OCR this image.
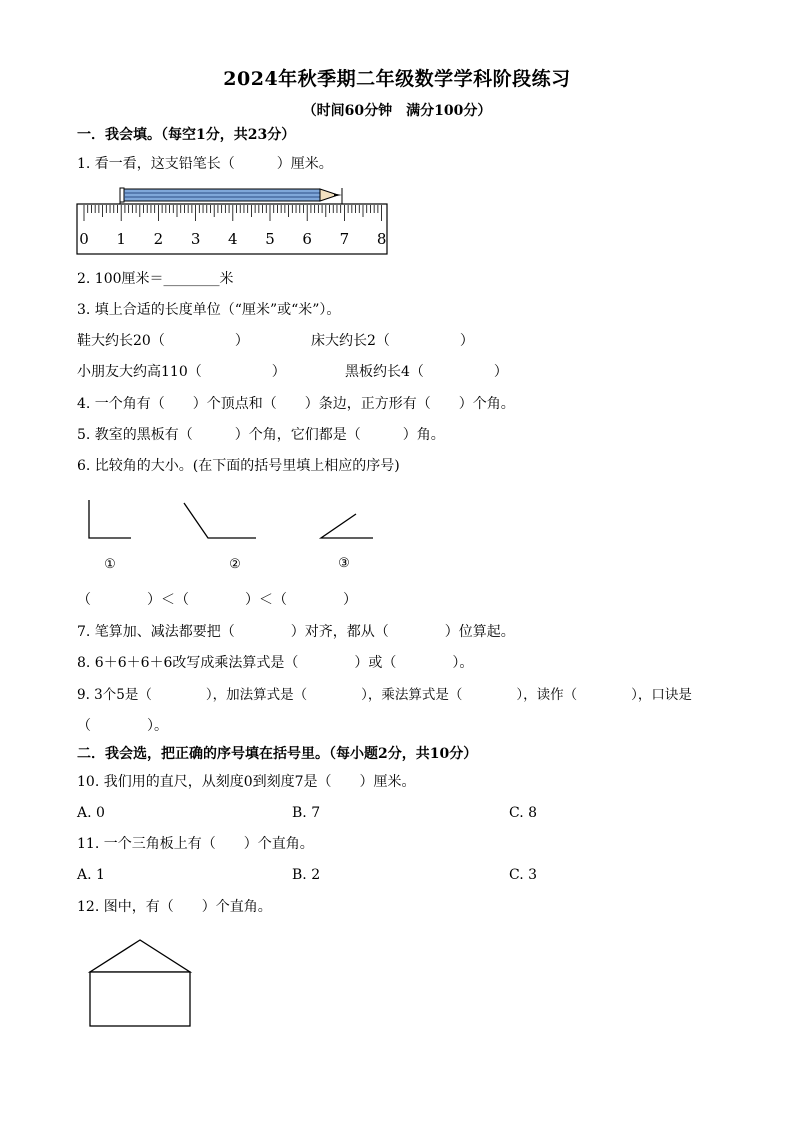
2024年秋季期二年级数学学科阶段练习
（时间60分钟　满分100分）
一．我会填。（每空1分，共23分）
1. 看一看，这支铅笔长（　　　）厘米。
0 1 2 3 4 5 6 7 8
2. 100厘米＝________米
3. 填上合适的长度单位（“厘米”或“米”）。
鞋大约长20（　　　　　）	床大约长2（　　　　　）
小朋友大约高110（　　　　　）	黑板约长4（　　　　　）
4. 一个角有（　　）个顶点和（　　）条边，正方形有（　　）个角。
5. 教室的黑板有（　　　）个角，它们都是（　　　）角。
6. 比较角的大小。(在下面的括号里填上相应的序号)
①	②	③
（　　　　）＜（　　　　）＜（　　　　）
7. 笔算加、减法都要把（　　　　）对齐，都从（　　　　）位算起。
8. 6＋6＋6＋6改写成乘法算式是（　　　　）或（　　　　）。
9. 3个5是（　　　　），加法算式是（　　　　），乘法算式是（　　　　），读作（　　　　），口诀是
（　　　　）。
二．我会选，把正确的序号填在括号里。（每小题2分，共10分）
10. 我们用的直尺，从刻度0到刻度7是（　　）厘米。
A. 0	B. 7	C. 8
11. 一个三角板上有（　　）个直角。
A. 1	B. 2	C. 3
12. 图中，有（　　）个直角。
